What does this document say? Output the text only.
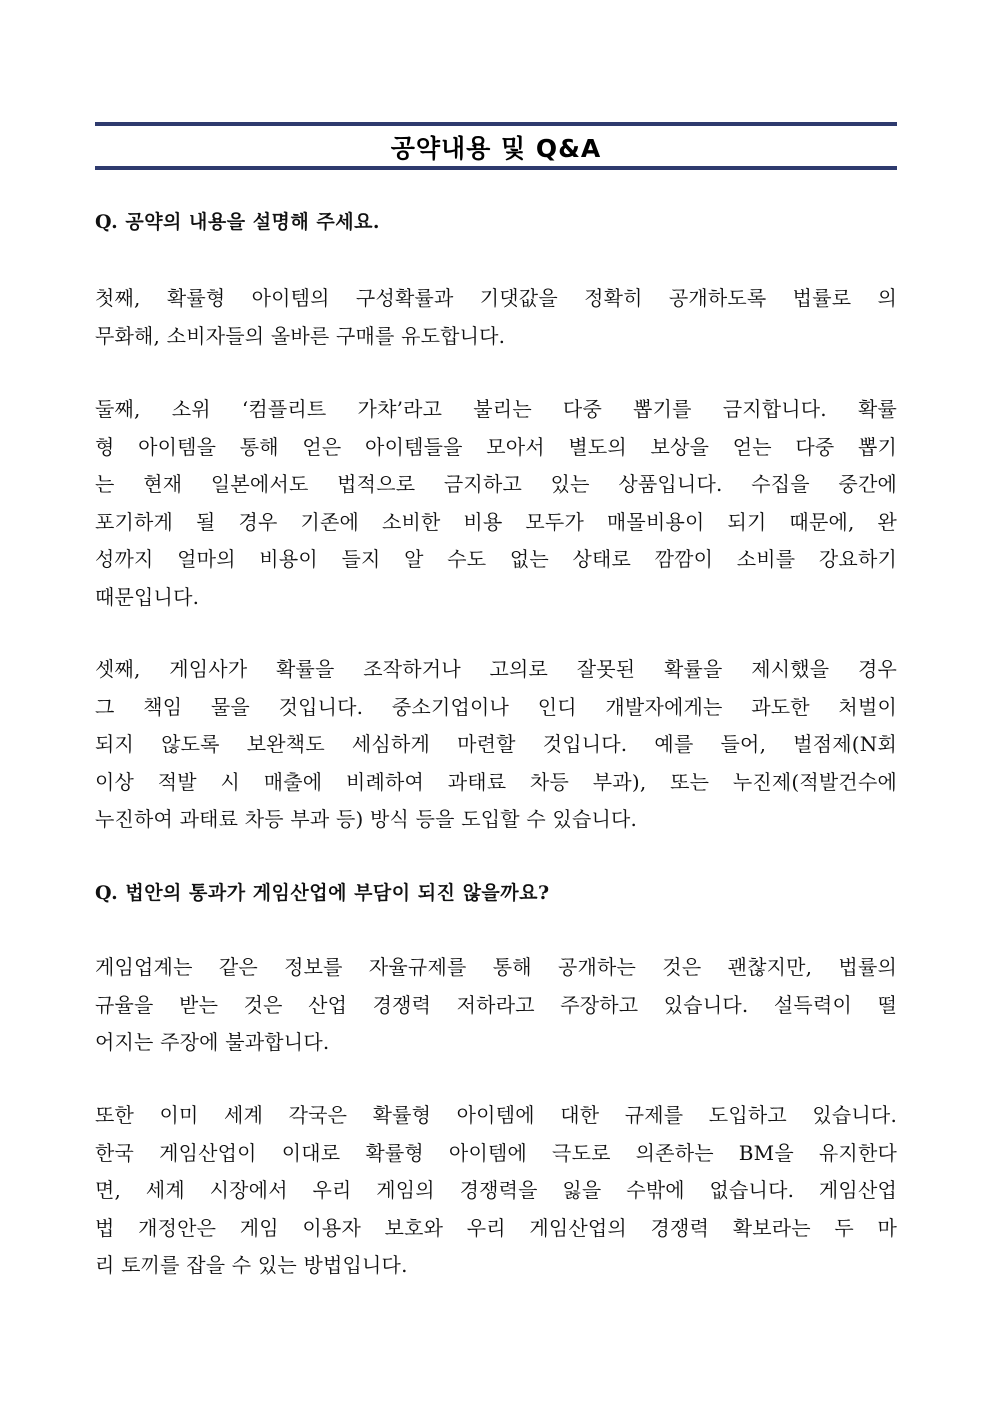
공약내용 및 Q&A
Q. 공약의 내용을 설명해 주세요.
첫째, 확률형 아이템의 구성확률과 기댓값을 정확히 공개하도록 법률로 의
무화해, 소비자들의 올바른 구매를 유도합니다.
둘째, 소위 ‘컴플리트 가챠’라고 불리는 다중 뽑기를 금지합니다. 확률
형 아이템을 통해 얻은 아이템들을 모아서 별도의 보상을 얻는 다중 뽑기
는 현재 일본에서도 법적으로 금지하고 있는 상품입니다. 수집을 중간에
포기하게 될 경우 기존에 소비한 비용 모두가 매몰비용이 되기 때문에, 완
성까지 얼마의 비용이 들지 알 수도 없는 상태로 깜깜이 소비를 강요하기
때문입니다.
셋째, 게임사가 확률을 조작하거나 고의로 잘못된 확률을 제시했을 경우
그 책임 물을 것입니다. 중소기업이나 인디 개발자에게는 과도한 처벌이
되지 않도록 보완책도 세심하게 마련할 것입니다. 예를 들어, 벌점제(N회
이상 적발 시 매출에 비례하여 과태료 차등 부과), 또는 누진제(적발건수에
누진하여 과태료 차등 부과 등) 방식 등을 도입할 수 있습니다.
Q. 법안의 통과가 게임산업에 부담이 되진 않을까요?
게임업계는 같은 정보를 자율규제를 통해 공개하는 것은 괜찮지만, 법률의
규율을 받는 것은 산업 경쟁력 저하라고 주장하고 있습니다. 설득력이 떨
어지는 주장에 불과합니다.
또한 이미 세계 각국은 확률형 아이템에 대한 규제를 도입하고 있습니다.
한국 게임산업이 이대로 확률형 아이템에 극도로 의존하는 BM을 유지한다
면, 세계 시장에서 우리 게임의 경쟁력을 잃을 수밖에 없습니다. 게임산업
법 개정안은 게임 이용자 보호와 우리 게임산업의 경쟁력 확보라는 두 마
리 토끼를 잡을 수 있는 방법입니다.
